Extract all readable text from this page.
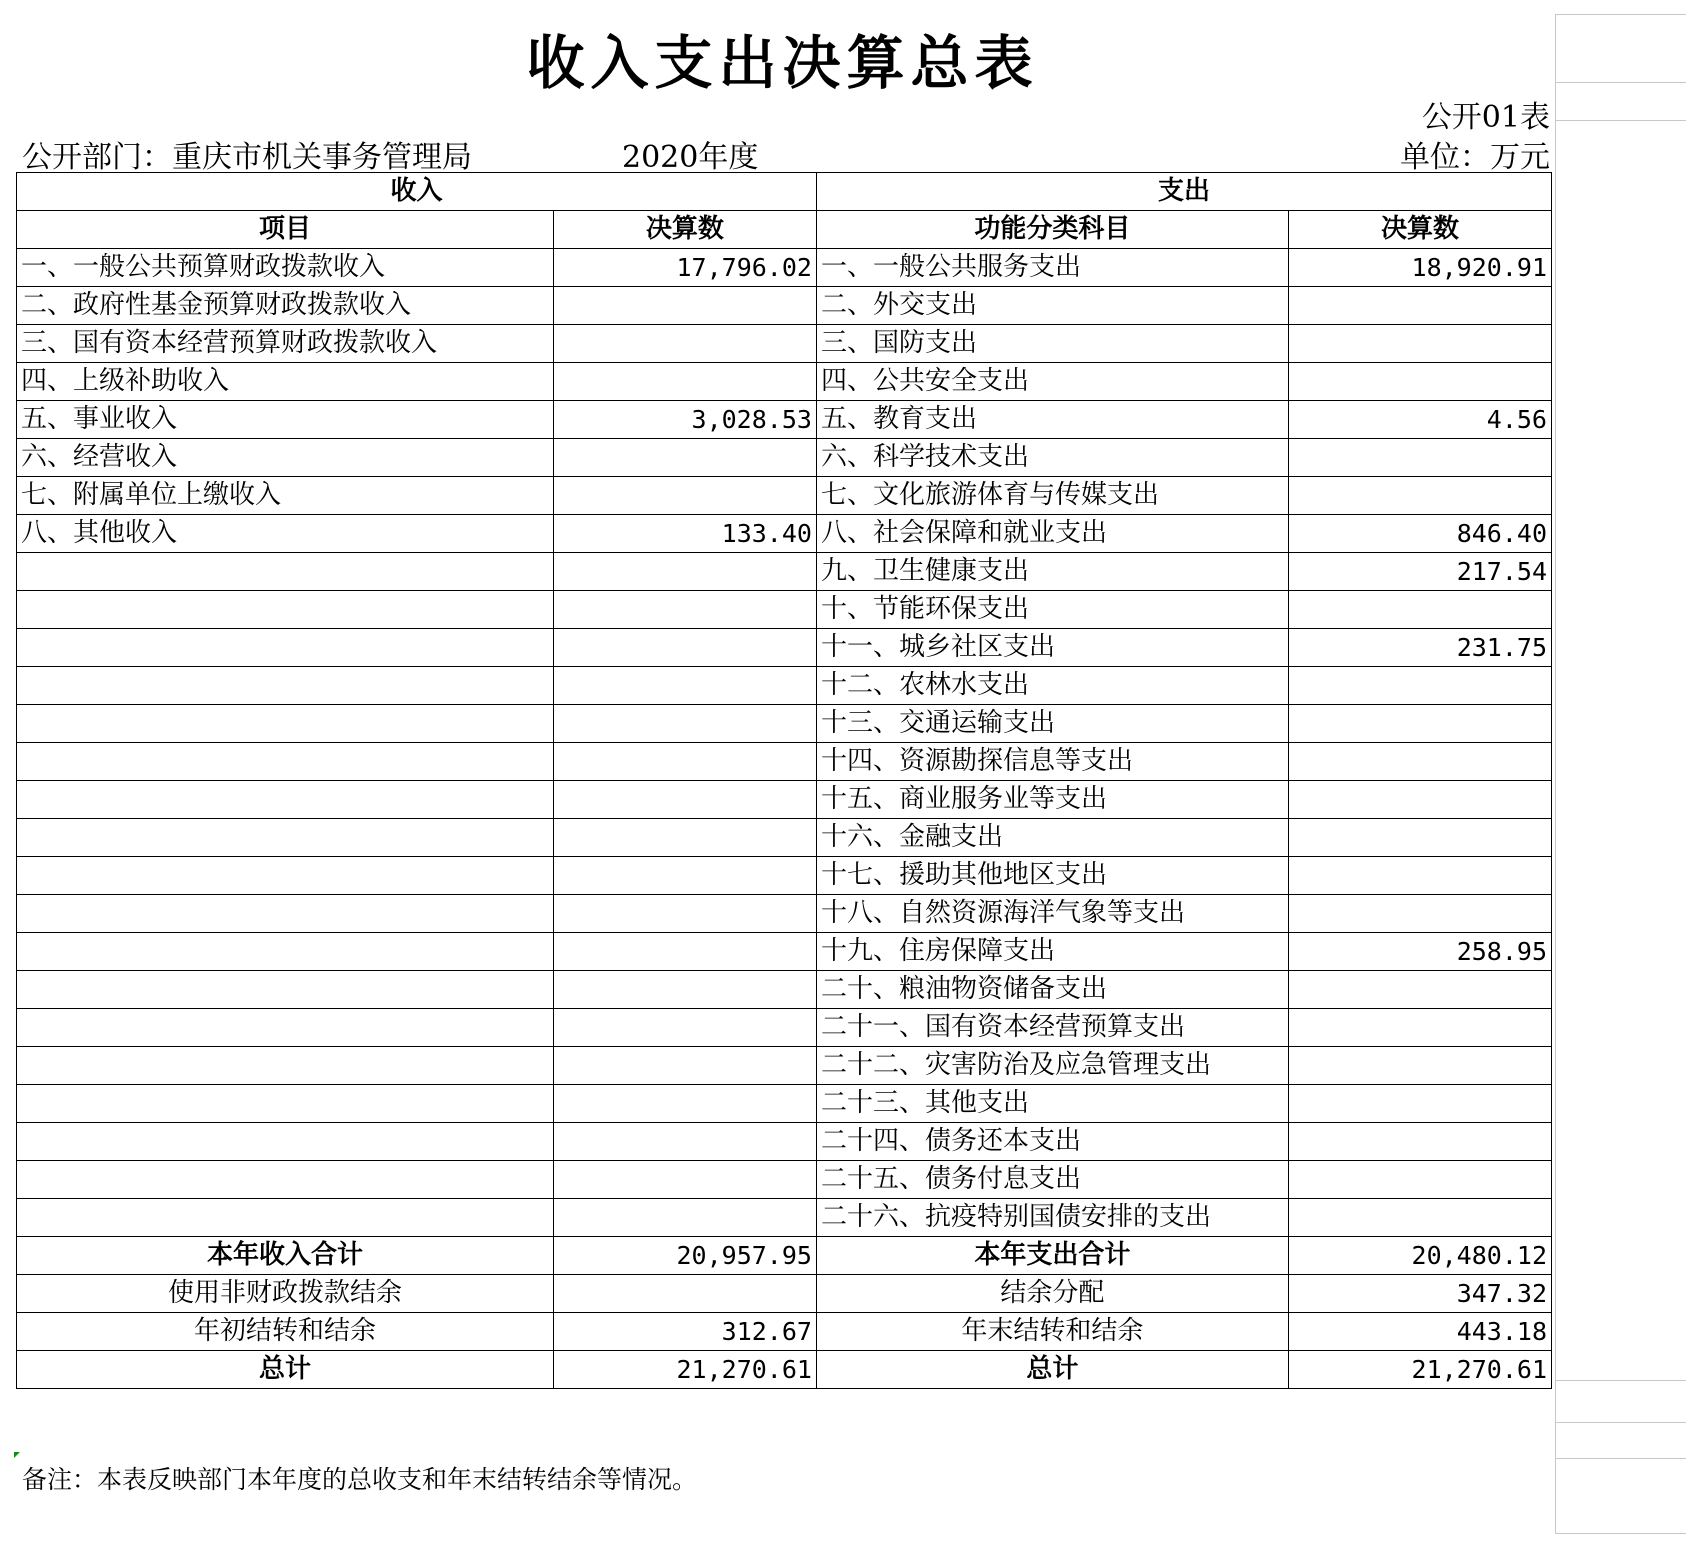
收入支出决算总表
公开01表
公开部门：重庆市机关事务管理局	2020年度	单位：万元
收入		支出	
项目	决算数	功能分类科目	决算数
一、一般公共预算财政拨款收入	17,796.02	一、一般公共服务支出	18,920.91
二、政府性基金预算财政拨款收入		二、外交支出	
三、国有资本经营预算财政拨款收入		三、国防支出	
四、上级补助收入		四、公共安全支出	
五、事业收入	3,028.53	五、教育支出	4.56
六、经营收入		六、科学技术支出	
七、附属单位上缴收入		七、文化旅游体育与传媒支出	
八、其他收入	133.40	八、社会保障和就业支出	846.40
		九、卫生健康支出	217.54
		十、节能环保支出	
		十一、城乡社区支出	231.75
		十二、农林水支出	
		十三、交通运输支出	
		十四、资源勘探信息等支出	
		十五、商业服务业等支出	
		十六、金融支出	
		十七、援助其他地区支出	
		十八、自然资源海洋气象等支出	
		十九、住房保障支出	258.95
		二十、粮油物资储备支出	
		二十一、国有资本经营预算支出	
		二十二、灾害防治及应急管理支出	
		二十三、其他支出	
		二十四、债务还本支出	
		二十五、债务付息支出	
		二十六、抗疫特别国债安排的支出	
本年收入合计	20,957.95	本年支出合计	20,480.12
使用非财政拨款结余		结余分配	347.32
年初结转和结余	312.67	年末结转和结余	443.18
总计	21,270.61	总计	21,270.61
备注：本表反映部门本年度的总收支和年末结转结余等情况。
